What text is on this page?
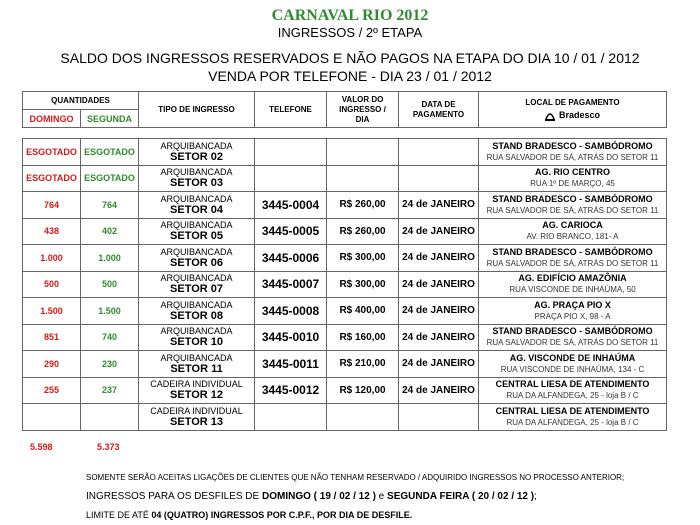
CARNAVAL RIO 2012
INGRESSOS / 2º ETAPA
SALDO DOS INGRESSOS RESERVADOS E NÃO PAGOS NA ETAPA DO DIA 10 / 01 / 2012
VENDA POR TELEFONE - DIA 23 / 01 / 2012
QUANTIDADES		TIPO DE INGRESSO	TELEFONE	VALOR DO INGRESSO / DIA	DATA DE PAGAMENTO	LOCAL DE PAGAMENTO
Bradesco

DOMINGO	SEGUNDA					

ESGOTADO	ESGOTADO	ARQUIBANCADA
SETOR 02				STAND BRADESCO - SAMBÓDROMO
RUA SALVADOR DE SÁ, ATRÁS DO SETOR 11

ESGOTADO	ESGOTADO	ARQUIBANCADA
SETOR 03				AG. RIO CENTRO
RUA 1º DE MARÇO, 45

764	764	ARQUIBANCADA
SETOR 04	3445-0004	R$ 260,00	24 de JANEIRO	STAND BRADESCO - SAMBÓDROMO
RUA SALVADOR DE SÁ, ATRÁS DO SETOR 11

438	402	ARQUIBANCADA
SETOR 05	3445-0005	R$ 260,00	24 de JANEIRO	AG. CARIOCA
AV. RIO BRANCO, 181- A

1.000	1.000	ARQUIBANCADA
SETOR 06	3445-0006	R$ 300,00	24 de JANEIRO	STAND BRADESCO - SAMBÓDROMO
RUA SALVADOR DE SÁ, ATRÁS DO SETOR 11

500	500	ARQUIBANCADA
SETOR 07	3445-0007	R$ 300,00	24 de JANEIRO	AG. EDIFÍCIO AMAZÔNIA
RUA VISCONDE DE INHAÚMA, 50

1.500	1.500	ARQUIBANCADA
SETOR 08	3445-0008	R$ 400,00	24 de JANEIRO	AG. PRAÇA PIO X
PRAÇA PIO X, 98 - A

851	740	ARQUIBANCADA
SETOR 10	3445-0010	R$ 160,00	24 de JANEIRO	STAND BRADESCO - SAMBÓDROMO
RUA SALVADOR DE SÁ, ATRÁS DO SETOR 11

290	230	ARQUIBANCADA
SETOR 11	3445-0011	R$ 210,00	24 de JANEIRO	AG. VISCONDE DE INHAÚMA
RUA VISCONDE DE INHAÚMA, 134 - C

255	237	CADEIRA INDIVIDUAL
SETOR 12	3445-0012	R$ 120,00	24 de JANEIRO	CENTRAL LIESA DE ATENDIMENTO
RUA DA ALFANDEGA, 25 - loja B / C

		CADEIRA INDIVIDUAL
SETOR 13				CENTRAL LIESA DE ATENDIMENTO
RUA DA ALFANDEGA, 25 - loja B / C
5.598	5.373
SOMENTE SERÃO ACEITAS LIGAÇÕES DE CLIENTES QUE NÃO TENHAM RESERVADO / ADQUIRIDO INGRESSOS NO PROCESSO ANTERIOR;
INGRESSOS PARA OS DESFILES DE DOMINGO ( 19 / 02 / 12 ) e SEGUNDA FEIRA ( 20 / 02 / 12 );
LIMITE DE ATÉ 04 (QUATRO) INGRESSOS POR C.P.F., POR DIA DE DESFILE.
